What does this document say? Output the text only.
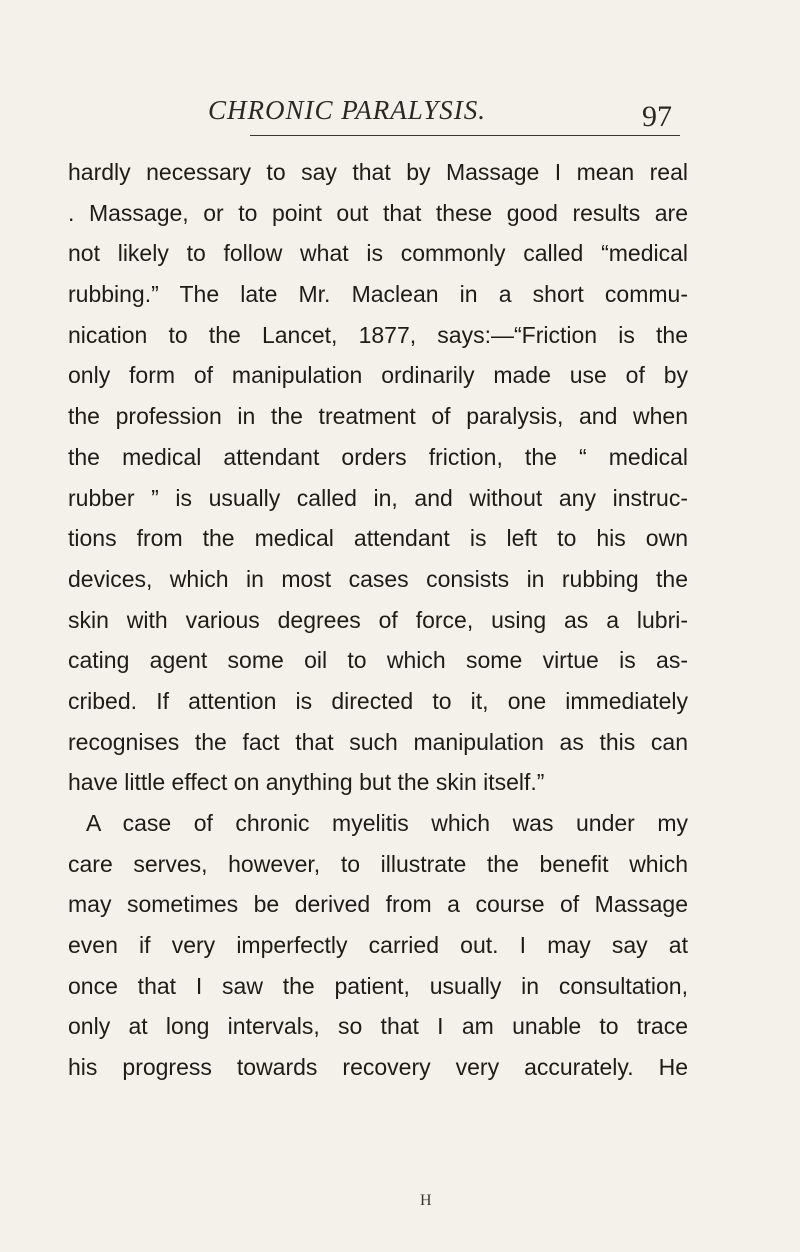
CHRONIC PARALYSIS.	97
hardly necessary to say that by Massage I mean real
. Massage, or to point out that these good results are
not likely to follow what is commonly called “medical
rubbing.” The late Mr. Maclean in a short commu-
nication to the Lancet, 1877, says:—“Friction is the
only form of manipulation ordinarily made use of by
the profession in the treatment of paralysis, and when
the medical attendant orders friction, the “ medical
rubber ” is usually called in, and without any instruc-
tions from the medical attendant is left to his own
devices, which in most cases consists in rubbing the
skin with various degrees of force, using as a lubri-
cating agent some oil to which some virtue is as-
cribed. If attention is directed to it, one immediately
recognises the fact that such manipulation as this can
have little effect on anything but the skin itself.”
A case of chronic myelitis which was under my
care serves, however, to illustrate the benefit which
may sometimes be derived from a course of Massage
even if very imperfectly carried out. I may say at
once that I saw the patient, usually in consultation,
only at long intervals, so that I am unable to trace
his progress towards recovery very accurately. He
H
